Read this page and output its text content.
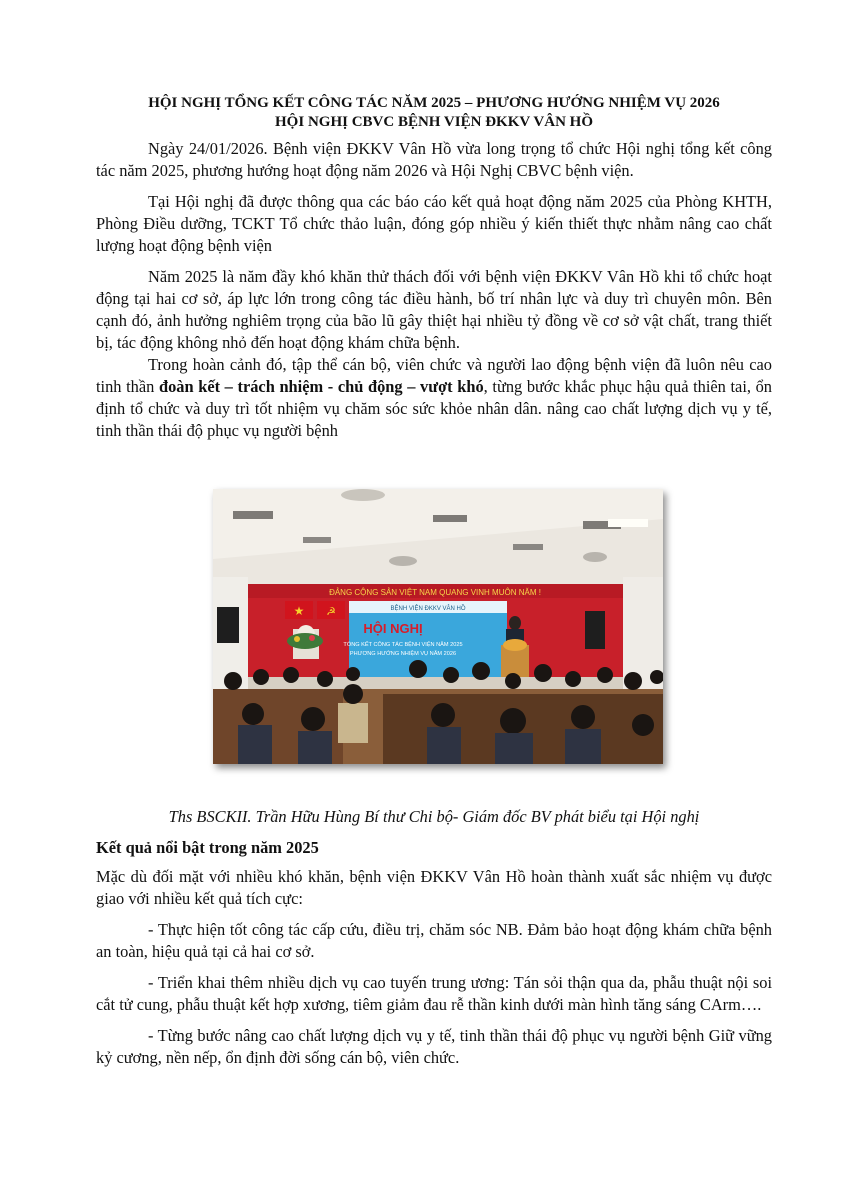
HỘI NGHỊ TỔNG KẾT CÔNG TÁC NĂM 2025 – PHƯƠNG HƯỚNG NHIỆM VỤ 2026

HỘI NGHỊ CBVC BỆNH VIỆN ĐKKV VÂN HỒ

Ngày 24/01/2026. Bệnh viện ĐKKV Vân Hồ vừa long trọng tổ chức Hội nghị tổng kết công tác năm 2025, phương hướng hoạt động năm 2026 và Hội Nghị CBVC bệnh viện.

Tại Hội nghị đã được thông qua các báo cáo kết quả hoạt động năm 2025 của Phòng KHTH, Phòng Điều dưỡng, TCKT Tổ chức thảo luận, đóng góp nhiều ý kiến thiết thực nhằm nâng cao chất lượng hoạt động bệnh viện

Năm 2025 là năm đầy khó khăn thử thách đối với bệnh viện ĐKKV Vân Hồ khi tổ chức hoạt động tại hai cơ sở, áp lực lớn trong công tác điều hành, bố trí nhân lực và duy trì chuyên môn. Bên cạnh đó, ảnh hưởng nghiêm trọng của bão lũ gây thiệt hại nhiều tỷ đồng về cơ sở vật chất, trang thiết bị, tác động không nhỏ đến hoạt động khám chữa bệnh.

Trong hoàn cảnh đó, tập thể cán bộ, viên chức và người lao động bệnh viện đã luôn nêu cao tinh thần đoàn kết – trách nhiệm - chủ động – vượt khó, từng bước khắc phục hậu quả thiên tai, ổn định tổ chức và duy trì tốt nhiệm vụ chăm sóc sức khỏe nhân dân. nâng cao chất lượng dịch vụ y tế, tinh thần thái độ phục vụ người bệnh

ĐẢNG CỘNG SẢN VIỆT NAM QUANG VINH MUÔN NĂM !
★ ☭	BỆNH VIỆN ĐKKV VÂN HỒ
HỘI NGHỊ
TỔNG KẾT CÔNG TÁC BỆNH VIỆN NĂM 2025
PHƯƠNG HƯỚNG NHIỆM VỤ NĂM 2026
Ths BSCKII. Trần Hữu Hùng Bí thư Chi bộ- Giám đốc BV phát biểu tại Hội nghị

Kết quả nổi bật trong năm 2025

Mặc dù đối mặt với nhiều khó khăn, bệnh viện ĐKKV Vân Hồ hoàn thành xuất sắc nhiệm vụ được giao với nhiều kết quả tích cực:

- Thực hiện tốt công tác cấp cứu, điều trị, chăm sóc NB. Đảm bảo hoạt động khám chữa bệnh an toàn, hiệu quả tại cả hai cơ sở.

- Triển khai thêm nhiều dịch vụ cao tuyến trung ương: Tán sỏi thận qua da, phẫu thuật nội soi cắt tử cung, phẫu thuật kết hợp xương, tiêm giảm đau rễ thần kinh dưới màn hình tăng sáng CArm….

- Từng bước nâng cao chất lượng dịch vụ y tế, tinh thần thái độ phục vụ người bệnh Giữ vững kỷ cương, nền nếp, ổn định đời sống cán bộ, viên chức.
